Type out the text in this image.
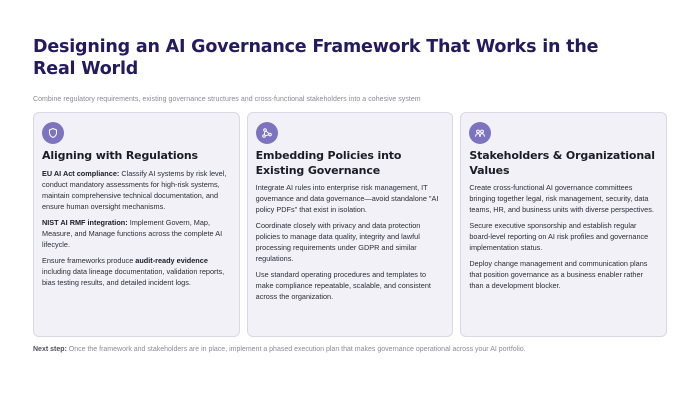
Designing an AI Governance Framework That Works in the Real World

Combine regulatory requirements, existing governance structures and cross-functional stakeholders into a cohesive system

Aligning with Regulations

EU AI Act compliance: Classify AI systems by risk level, conduct mandatory assessments for high-risk systems, maintain comprehensive technical documentation, and ensure human oversight mechanisms.

NIST AI RMF integration: Implement Govern, Map, Measure, and Manage functions across the complete AI lifecycle.

Ensure frameworks produce audit-ready evidence including data lineage documentation, validation reports, bias testing results, and detailed incident logs.

Embedding Policies into Existing Governance

Integrate AI rules into enterprise risk management, IT governance and data governance—avoid standalone "AI policy PDFs" that exist in isolation.

Coordinate closely with privacy and data protection policies to manage data quality, integrity and lawful processing requirements under GDPR and similar regulations.

Use standard operating procedures and templates to make compliance repeatable, scalable, and consistent across the organization.

Stakeholders & Organizational Values

Create cross-functional AI governance committees bringing together legal, risk management, security, data teams, HR, and business units with diverse perspectives.

Secure executive sponsorship and establish regular board-level reporting on AI risk profiles and governance implementation status.

Deploy change management and communication plans that position governance as a business enabler rather than a development blocker.

Next step: Once the framework and stakeholders are in place, implement a phased execution plan that makes governance operational across your AI portfolio.
